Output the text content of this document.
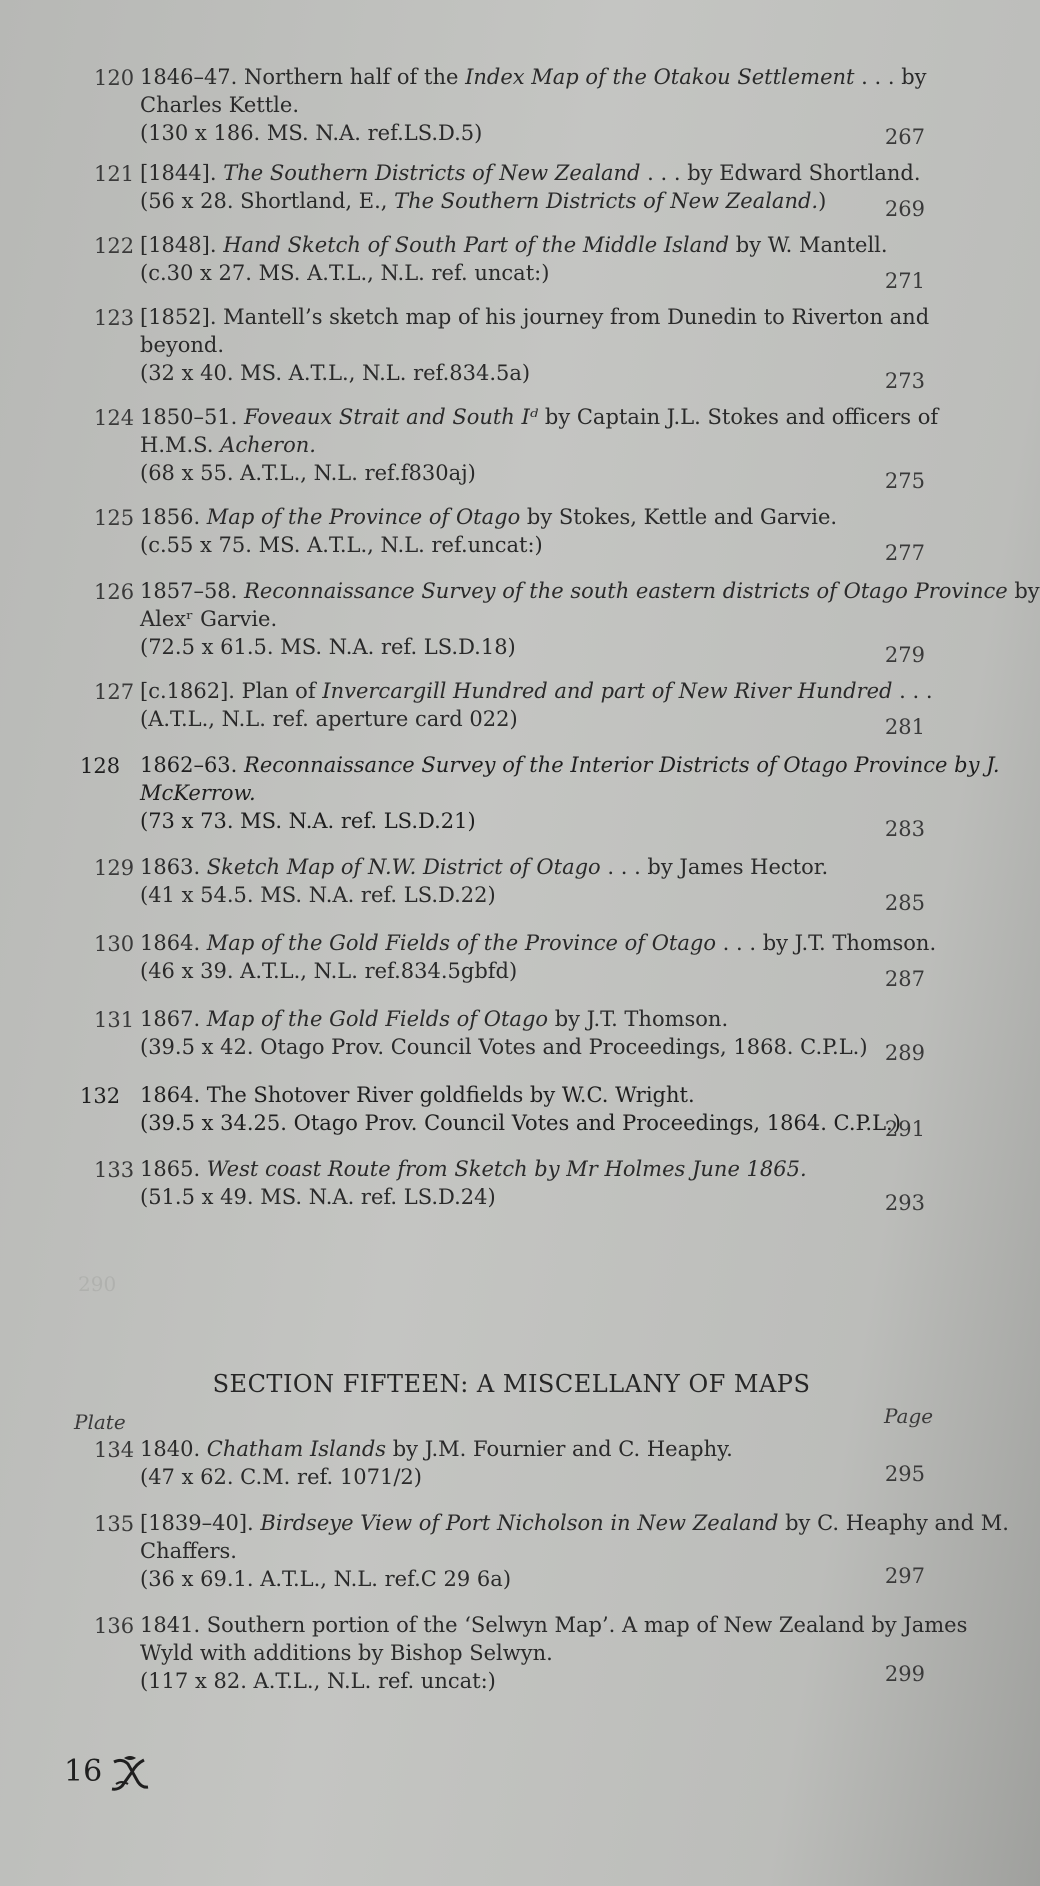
120 1846–47. Northern half of the Index Map of the Otakou Settlement . . . by
Charles Kettle.
(130 x 186. MS. N.A. ref.LS.D.5)	267
121 [1844]. The Southern Districts of New Zealand . . . by Edward Shortland.
(56 x 28. Shortland, E., The Southern Districts of New Zealand.)	269
122 [1848]. Hand Sketch of South Part of the Middle Island by W. Mantell.
(c.30 x 27. MS. A.T.L., N.L. ref. uncat:)	271
123 [1852]. Mantell’s sketch map of his journey from Dunedin to Riverton and
beyond.
(32 x 40. MS. A.T.L., N.L. ref.834.5a)	273
124 1850–51. Foveaux Strait and South Iᵈ by Captain J.L. Stokes and officers of
H.M.S. Acheron.
(68 x 55. A.T.L., N.L. ref.f830aj)	275
125 1856. Map of the Province of Otago by Stokes, Kettle and Garvie.
(c.55 x 75. MS. A.T.L., N.L. ref.uncat:)	277
126 1857–58. Reconnaissance Survey of the south eastern districts of Otago Province by
Alexʳ Garvie.
(72.5 x 61.5. MS. N.A. ref. LS.D.18)	279
127 [c.1862]. Plan of Invercargill Hundred and part of New River Hundred . . .
(A.T.L., N.L. ref. aperture card 022)	281
128 1862–63. Reconnaissance Survey of the Interior Districts of Otago Province by J.
McKerrow.
(73 x 73. MS. N.A. ref. LS.D.21)	283
129 1863. Sketch Map of N.W. District of Otago . . . by James Hector.
(41 x 54.5. MS. N.A. ref. LS.D.22)	285
130 1864. Map of the Gold Fields of the Province of Otago . . . by J.T. Thomson.
(46 x 39. A.T.L., N.L. ref.834.5gbfd)	287
131 1867. Map of the Gold Fields of Otago by J.T. Thomson.
(39.5 x 42. Otago Prov. Council Votes and Proceedings, 1868. C.P.L.) 289
132 1864. The Shotover River goldfields by W.C. Wright.
(39.5 x 34.25. Otago Prov. Council Votes and Proceedings, 1864. C.P.L.)
291
133 1865. West coast Route from Sketch by Mr Holmes June 1865.
(51.5 x 49. MS. N.A. ref. LS.D.24)	293
290
SECTION FIFTEEN: A MISCELLANY OF MAPS
Plate	Page
134 1840. Chatham Islands by J.M. Fournier and C. Heaphy.
(47 x 62. C.M. ref. 1071/2)	295
135 [1839–40]. Birdseye View of Port Nicholson in New Zealand by C. Heaphy and M.
Chaffers.
(36 x 69.1. A.T.L., N.L. ref.C 29 6a)	297
136 1841. Southern portion of the ‘Selwyn Map’. A map of New Zealand by James
Wyld with additions by Bishop Selwyn.
(117 x 82. A.T.L., N.L. ref. uncat:)	299
16
